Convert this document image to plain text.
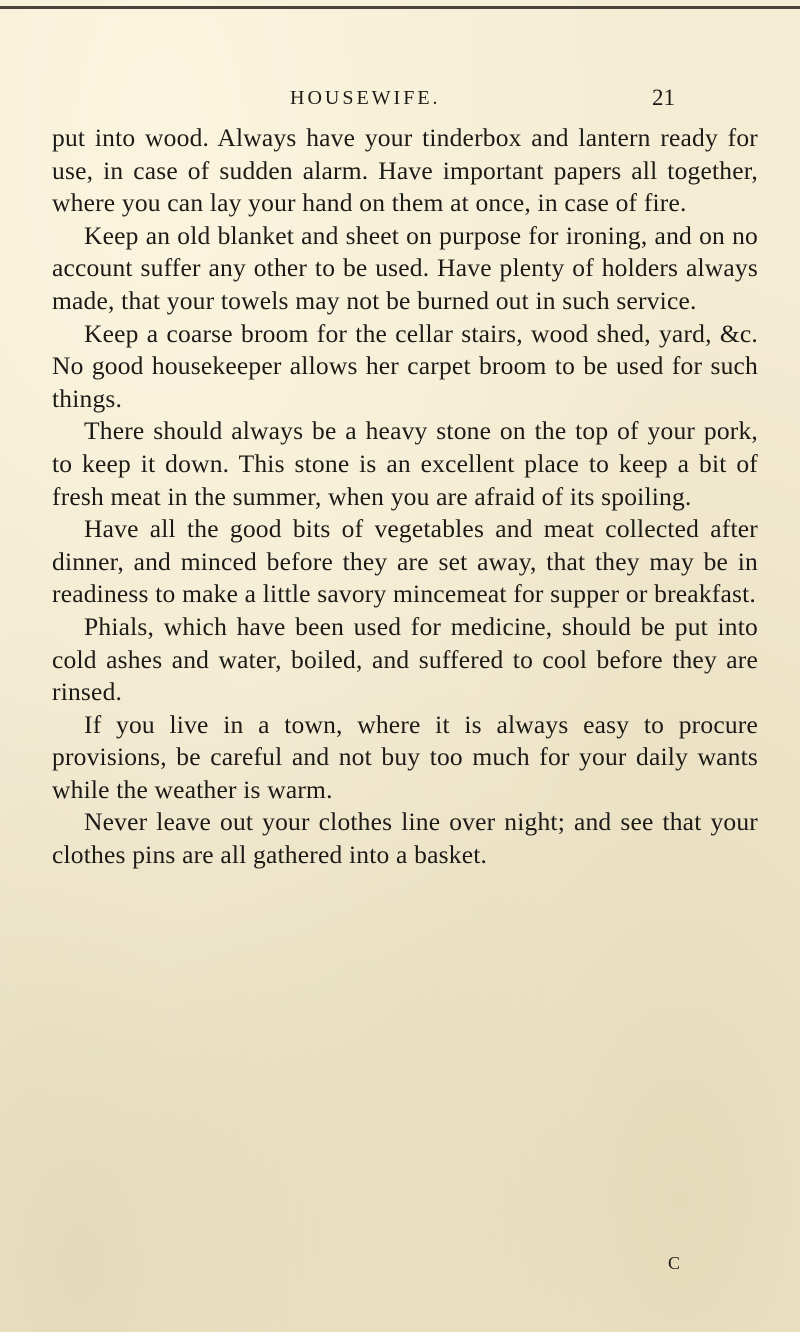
HOUSEWIFE.	21

put into wood. Always have your tinderbox and lantern ready for use, in case of sudden alarm. Have important papers all together, where you can lay your hand on them at once, in case of fire.

Keep an old blanket and sheet on purpose for ironing, and on no account suffer any other to be used. Have plenty of holders always made, that your towels may not be burned out in such service.

Keep a coarse broom for the cellar stairs, wood shed, yard, &c. No good housekeeper allows her carpet broom to be used for such things.

There should always be a heavy stone on the top of your pork, to keep it down. This stone is an excellent place to keep a bit of fresh meat in the summer, when you are afraid of its spoiling.

Have all the good bits of vegetables and meat collected after dinner, and minced before they are set away, that they may be in readiness to make a little savory mincemeat for supper or breakfast.

Phials, which have been used for medicine, should be put into cold ashes and water, boiled, and suffered to cool before they are rinsed.

If you live in a town, where it is always easy to procure provisions, be careful and not buy too much for your daily wants while the weather is warm.

Never leave out your clothes line over night; and see that your clothes pins are all gathered into a basket.

C
